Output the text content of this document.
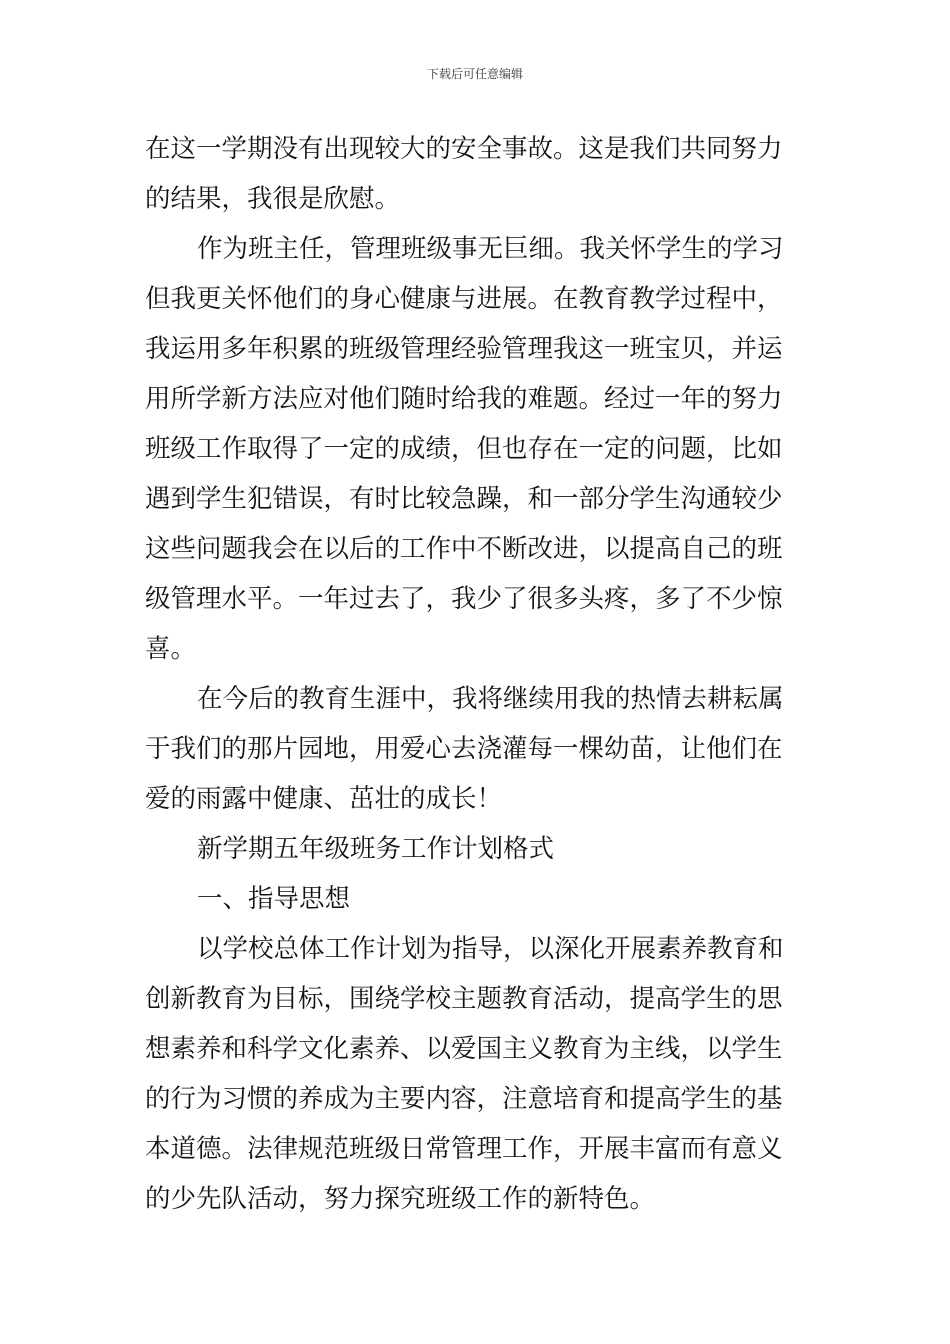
下载后可任意编辑
在这一学期没有出现较大的安全事故。这是我们共同努力
的结果，我很是欣慰。
作为班主任，管理班级事无巨细。我关怀学生的学习
但我更关怀他们的身心健康与进展。在教育教学过程中，
我运用多年积累的班级管理经验管理我这一班宝贝，并运
用所学新方法应对他们随时给我的难题。经过一年的努力
班级工作取得了一定的成绩，但也存在一定的问题，比如
遇到学生犯错误，有时比较急躁，和一部分学生沟通较少
这些问题我会在以后的工作中不断改进，以提高自己的班
级管理水平。一年过去了，我少了很多头疼，多了不少惊
喜。
在今后的教育生涯中，我将继续用我的热情去耕耘属
于我们的那片园地，用爱心去浇灌每一棵幼苗，让他们在
爱的雨露中健康、茁壮的成长！
新学期五年级班务工作计划格式
一、指导思想
以学校总体工作计划为指导，以深化开展素养教育和
创新教育为目标，围绕学校主题教育活动，提高学生的思
想素养和科学文化素养、以爱国主义教育为主线，以学生
的行为习惯的养成为主要内容，注意培育和提高学生的基
本道德。法律规范班级日常管理工作，开展丰富而有意义
的少先队活动，努力探究班级工作的新特色。
